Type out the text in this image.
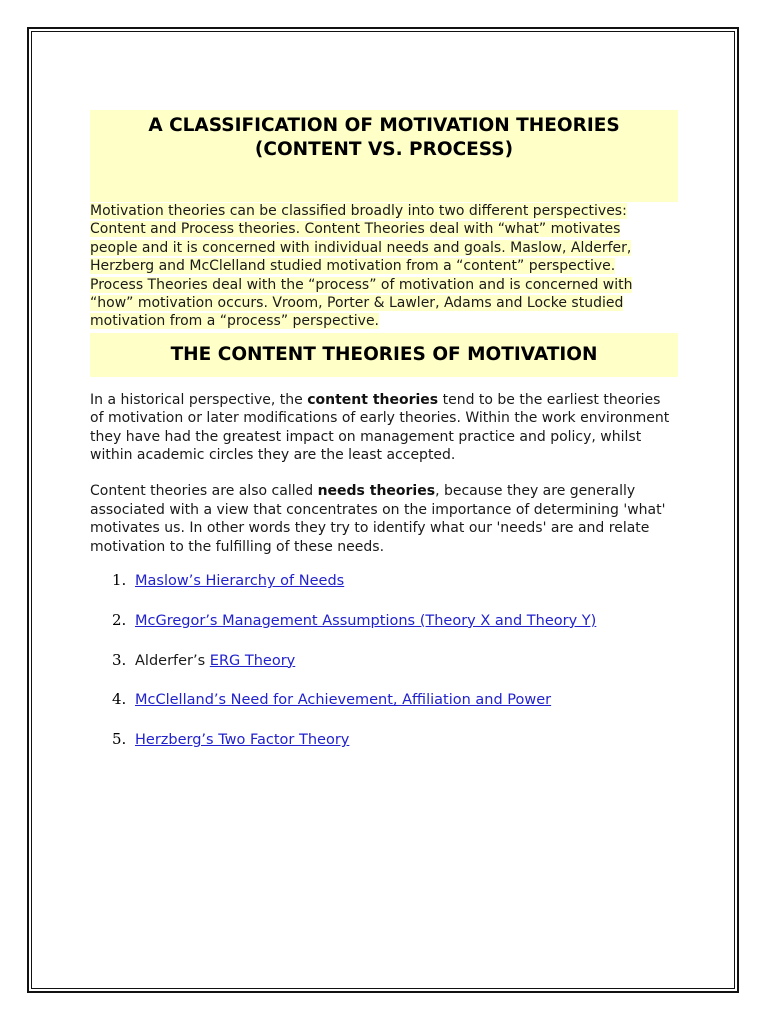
A CLASSIFICATION OF MOTIVATION THEORIES
(CONTENT VS. PROCESS)

Motivation theories can be classified broadly into two different perspectives:
Content and Process theories. Content Theories deal with “what” motivates
people and it is concerned with individual needs and goals. Maslow, Alderfer,
Herzberg and McClelland studied motivation from a “content” perspective.
Process Theories deal with the “process” of motivation and is concerned with
“how” motivation occurs. Vroom, Porter & Lawler, Adams and Locke studied
motivation from a “process” perspective.

THE CONTENT THEORIES OF MOTIVATION

In a historical perspective, the content theories tend to be the earliest theories of motivation or later modifications of early theories. Within the work environment they have had the greatest impact on management practice and policy, whilst within academic circles they are the least accepted.

Content theories are also called needs theories, because they are generally associated with a view that concentrates on the importance of determining 'what' motivates us. In other words they try to identify what our 'needs' are and relate motivation to the fulfilling of these needs.

1. Maslow’s Hierarchy of Needs
2. McGregor’s Management Assumptions (Theory X and Theory Y)
3. Alderfer’s ERG Theory
4. McClelland’s Need for Achievement, Affiliation and Power
5. Herzberg’s Two Factor Theory
